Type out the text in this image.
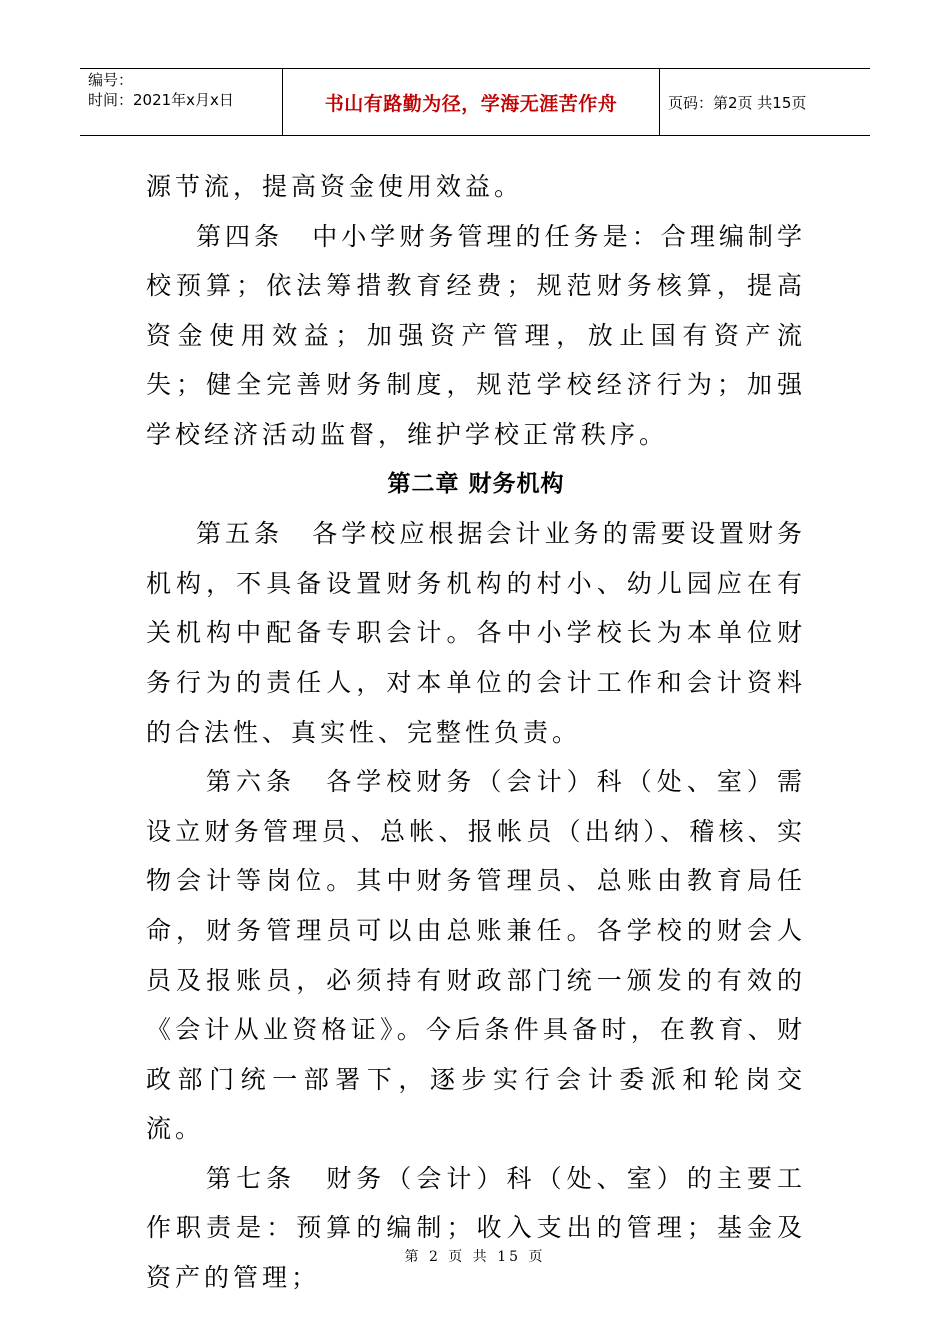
编号：
时间：2021年x月x日	书山有路勤为径，学海无涯苦作舟	页码：第2页 共15页

源节流，提高资金使用效益。

第四条　中小学财务管理的任务是：合理编制学校预算；依法筹措教育经费；规范财务核算，提高资金使用效益；加强资产管理，放止国有资产流失；健全完善财务制度，规范学校经济行为；加强学校经济活动监督，维护学校正常秩序。

第二章 财务机构

第五条　各学校应根据会计业务的需要设置财务机构，不具备设置财务机构的村小、幼儿园应在有关机构中配备专职会计。各中小学校长为本单位财务行为的责任人，对本单位的会计工作和会计资料的合法性、真实性、完整性负责。

第六条　各学校财务（会计）科（处、室）需设立财务管理员、总帐、报帐员（出纳）、稽核、实物会计等岗位。其中财务管理员、总账由教育局任命，财务管理员可以由总账兼任。各学校的财会人员及报账员，必须持有财政部门统一颁发的有效的《会计从业资格证》。今后条件具备时，在教育、财政部门统一部署下，逐步实行会计委派和轮岗交流。

第七条　财务（会计）科（处、室）的主要工作职责是：预算的编制；收入支出的管理；基金及资产的管理；

第 2 页 共 15 页
